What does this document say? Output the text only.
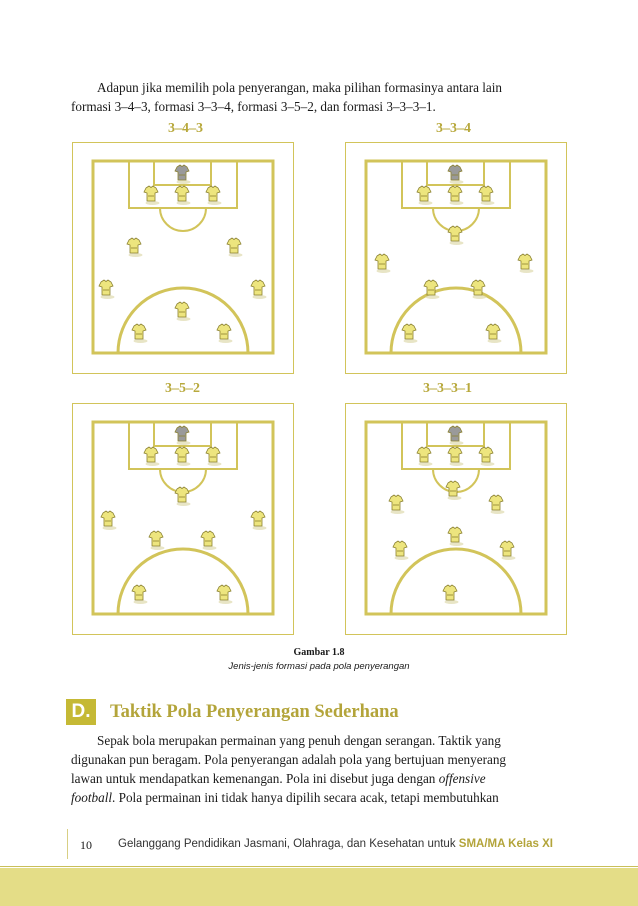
Adapun jika memilih pola penyerangan, maka pilihan formasinya antara lain

formasi 3–4–3, formasi 3–3–4, formasi 3–5–2, dan formasi 3–3–3–1.

3–4–3	3–3–4
3–5–2	3–3–3–1
Gambar 1.8
Jenis-jenis formasi pada pola penyerangan
D. Taktik Pola Penyerangan Sederhana

Sepak bola merupakan permainan yang penuh dengan serangan. Taktik yang

digunakan pun beragam. Pola penyerangan adalah pola yang bertujuan menyerang

lawan untuk mendapatkan kemenangan. Pola ini disebut juga dengan offensive

football. Pola permainan ini tidak hanya dipilih secara acak, tetapi membutuhkan

10 Gelanggang Pendidikan Jasmani, Olahraga, dan Kesehatan untuk SMA/MA Kelas XI
